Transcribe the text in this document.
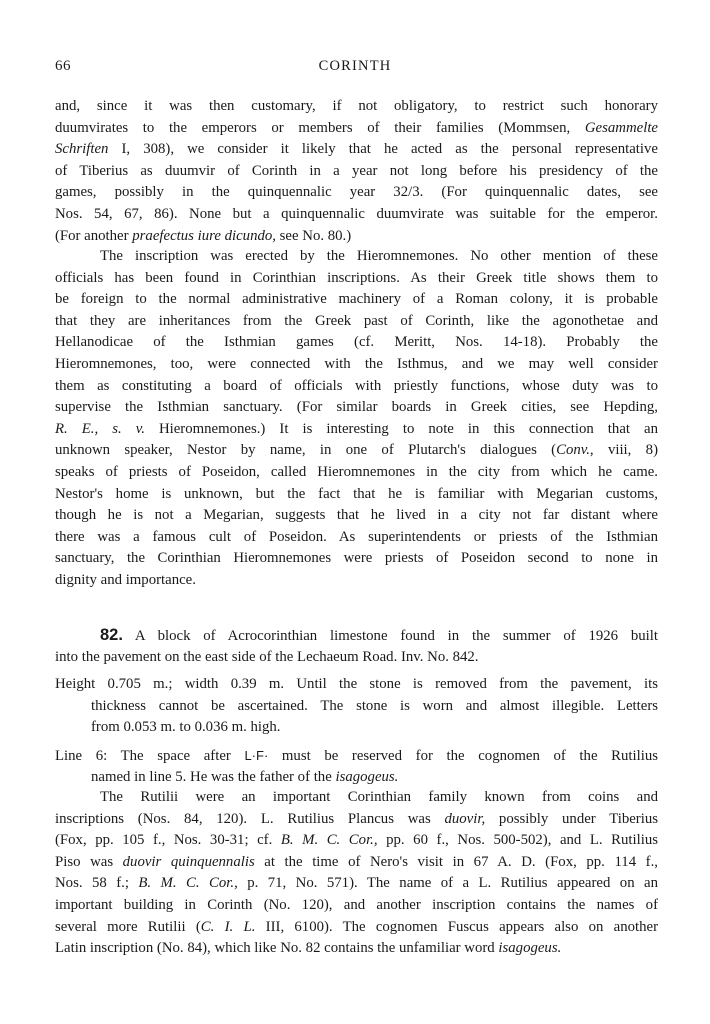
66	CORINTH
and, since it was then customary, if not obligatory, to restrict such honorary
duumvirates to the emperors or members of their families (Mommsen, Gesammelte
Schriften I, 308), we consider it likely that he acted as the personal representative
of Tiberius as duumvir of Corinth in a year not long before his presidency of the
games, possibly in the quinquennalic year 32/3. (For quinquennalic dates, see
Nos. 54, 67, 86). None but a quinquennalic duumvirate was suitable for the emperor.
(For another praefectus iure dicundo, see No. 80.)
The inscription was erected by the Hieromnemones. No other mention of these
officials has been found in Corinthian inscriptions. As their Greek title shows them to
be foreign to the normal administrative machinery of a Roman colony, it is probable
that they are inheritances from the Greek past of Corinth, like the agonothetae and
Hellanodicae of the Isthmian games (cf. Meritt, Nos. 14-18). Probably the
Hieromnemones, too, were connected with the Isthmus, and we may well consider
them as constituting a board of officials with priestly functions, whose duty was to
supervise the Isthmian sanctuary. (For similar boards in Greek cities, see Hepding,
R. E., s. v. Hieromnemones.) It is interesting to note in this connection that an
unknown speaker, Nestor by name, in one of Plutarch's dialogues (Conv., viii, 8)
speaks of priests of Poseidon, called Hieromnemones in the city from which he came.
Nestor's home is unknown, but the fact that he is familiar with Megarian customs,
though he is not a Megarian, suggests that he lived in a city not far distant where
there was a famous cult of Poseidon. As superintendents or priests of the Isthmian
sanctuary, the Corinthian Hieromnemones were priests of Poseidon second to none in
dignity and importance.
82. A block of Acrocorinthian limestone found in the summer of 1926 built
into the pavement on the east side of the Lechaeum Road. Inv. No. 842.
Height 0.705 m.; width 0.39 m. Until the stone is removed from the pavement, its
thickness cannot be ascertained. The stone is worn and almost illegible. Letters
from 0.053 m. to 0.036 m. high.
Line 6: The space after L·F· must be reserved for the cognomen of the Rutilius
named in line 5. He was the father of the isagogeus.
The Rutilii were an important Corinthian family known from coins and
inscriptions (Nos. 84, 120). L. Rutilius Plancus was duovir, possibly under Tiberius
(Fox, pp. 105 f., Nos. 30-31; cf. B. M. C. Cor., pp. 60 f., Nos. 500-502), and L. Rutilius
Piso was duovir quinquennalis at the time of Nero's visit in 67 A. D. (Fox, pp. 114 f.,
Nos. 58 f.; B. M. C. Cor., p. 71, No. 571). The name of a L. Rutilius appeared on an
important building in Corinth (No. 120), and another inscription contains the names of
several more Rutilii (C. I. L. III, 6100). The cognomen Fuscus appears also on another
Latin inscription (No. 84), which like No. 82 contains the unfamiliar word isagogeus.
